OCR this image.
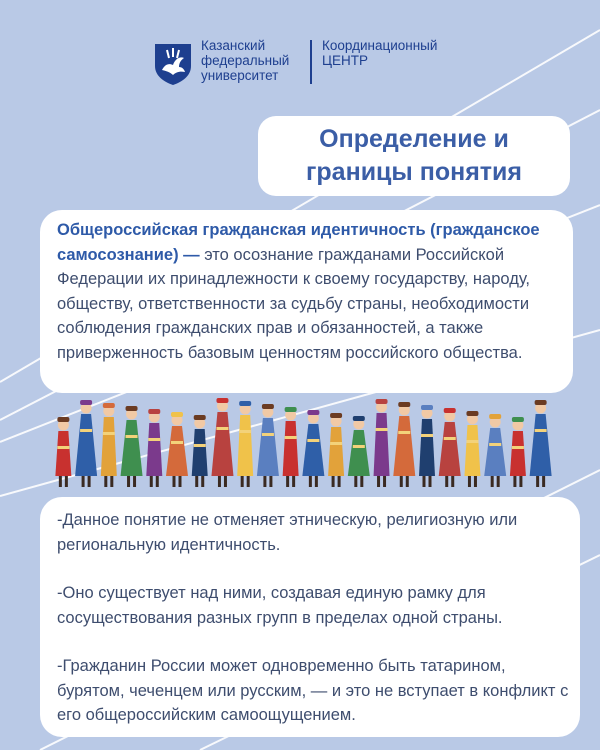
Казанский
федеральный
университет
Координационный
ЦЕНТР
Определение и
границы понятия
Общероссийская гражданская идентичность (гражданское самосознание) — это осознание гражданами Российской Федерации их принадлежности к своему государству, народу, обществу, ответственности за судьбу страны, необходимости соблюдения гражданских прав и обязанностей, а также приверженность базовым ценностям российского общества.

-Данное понятие не отменяет этническую, религиозную или региональную идентичность.

-Оно существует над ними, создавая единую рамку для сосуществования разных групп в пределах одной страны.

-Гражданин России может одновременно быть татарином, бурятом, чеченцем или русским, — и это не вступает в конфликт с его общероссийским самоощущением.
